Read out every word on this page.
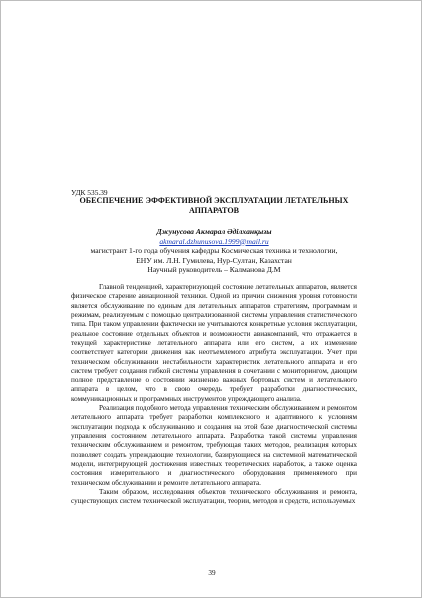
УДК 535.39
ОБЕСПЕЧЕНИЕ ЭФФЕКТИВНОЙ ЭКСПЛУАТАЦИИ ЛЕТАТЕЛЬНЫХ
АППАРАТОВ
Джунусова Акмарал Әділханқызы
akmaral.dzhunusova.1999@mail.ru
магистрант 1-го года обучения кафедры Космическая техника и технологии,
ЕНУ им. Л.Н. Гумилева, Нур-Султан, Казахстан
Научный руководитель – Калманова Д.М

Главной тенденцией, характеризующей состояние летательных аппаратов, является физическое старение авиационной техники. Одной из причин снижения уровня готовности является обслуживание по единым для летательных аппаратов стратегиям, программам и режимам, реализуемым с помощью централизованной системы управления статистического типа. При таком управлении фактически не учитываются конкретные условия эксплуатации, реальное состояние отдельных объектов и возможности авиакомпаний, что отражается в текущей характеристике летательного аппарата или его систем, а их изменение соответствует категории движения как неотъемлемого атрибута эксплуатации. Учет при техническом обслуживании нестабильности характеристик летательного аппарата и его систем требует создания гибкой системы управления в сочетании с мониторингом, дающим полное представление о состоянии жизненно важных бортовых систем и летательного аппарата в целом, что в свою очередь требует разработки диагностических, коммуникационных и программных инструментов упреждающего анализа.

Реализация подобного метода управления техническим обслуживанием и ремонтом летательного аппарата требует разработки комплексного и адаптивного к условиям эксплуатации подхода к обслуживанию и создания на этой базе диагностической системы управления состоянием летательного аппарата. Разработка такой системы управления техническим обслуживанием и ремонтом, требующая таких методов, реализация которых позволяет создать упреждающие технологии, базирующиеся на системной математической модели, интегрирующей достижения известных теоретических наработок, а также оценка состояния измерительного и диагностического оборудования применяемого при техническом обслуживании и ремонте летательного аппарата.

Таким образом, исследования объектов технического обслуживания и ремонта, существующих систем технической эксплуатации, теории, методов и средств, используемых

39
